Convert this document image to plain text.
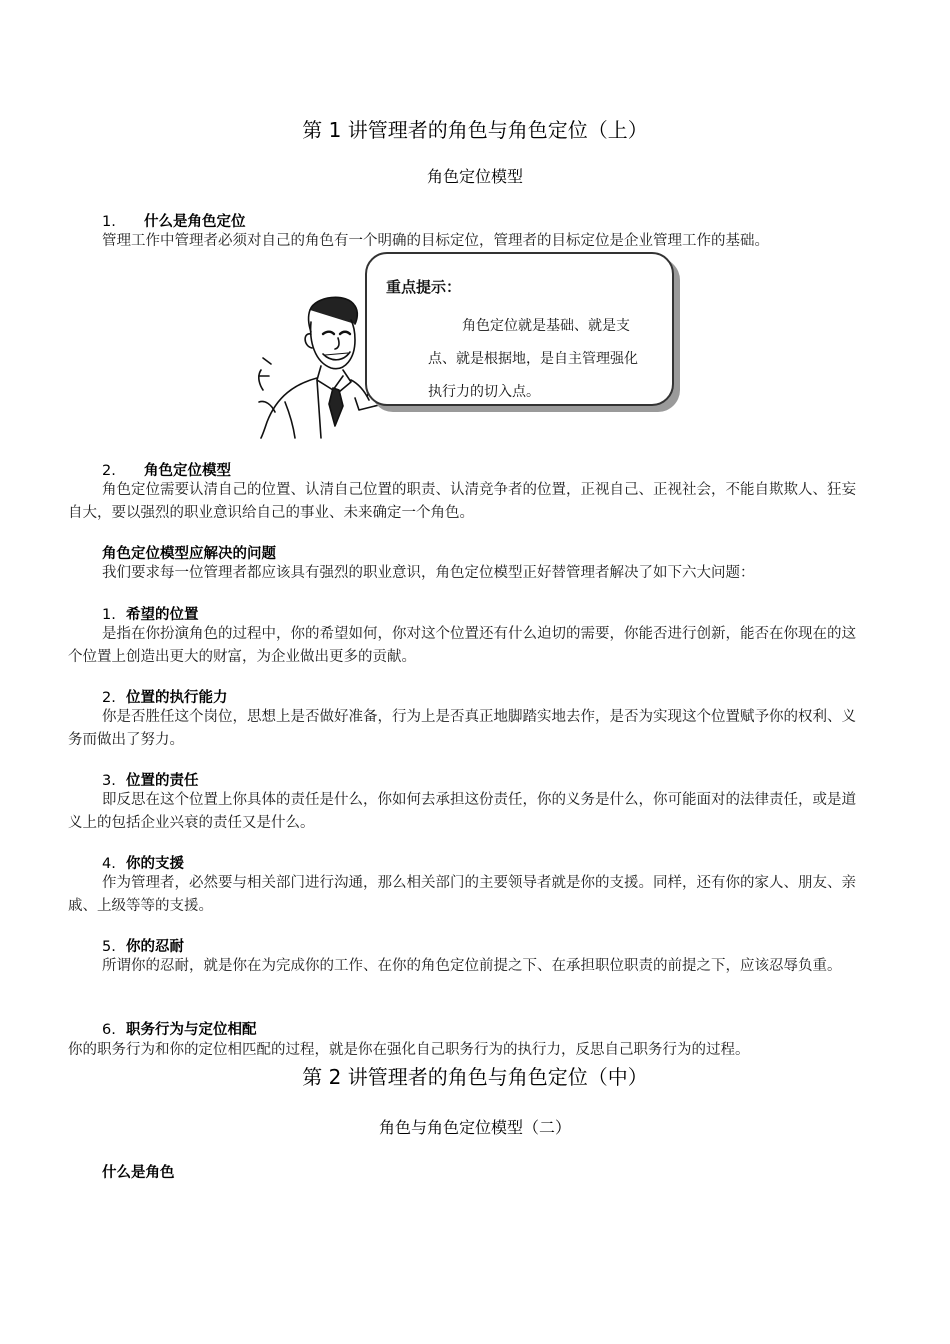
第 1 讲管理者的角色与角色定位（上）
角色定位模型
1. 什么是角色定位
管理工作中管理者必须对自己的角色有一个明确的目标定位，管理者的目标定位是企业管理工作的基础。
重点提示：
角色定位就是基础、就是支点、就是根据地，是自主管理强化执行力的切入点。
2. 角色定位模型
角色定位需要认清自己的位置、认清自己位置的职责、认清竞争者的位置，正视自己、正视社会，不能自欺欺人、狂妄自大，要以强烈的职业意识给自己的事业、未来确定一个角色。
角色定位模型应解决的问题
我们要求每一位管理者都应该具有强烈的职业意识，角色定位模型正好替管理者解决了如下六大问题：
1. 希望的位置
是指在你扮演角色的过程中，你的希望如何，你对这个位置还有什么迫切的需要，你能否进行创新，能否在你现在的这个位置上创造出更大的财富，为企业做出更多的贡献。
2. 位置的执行能力
你是否胜任这个岗位，思想上是否做好准备，行为上是否真正地脚踏实地去作，是否为实现这个位置赋予你的权利、义务而做出了努力。
3. 位置的责任
即反思在这个位置上你具体的责任是什么，你如何去承担这份责任，你的义务是什么，你可能面对的法律责任，或是道义上的包括企业兴衰的责任又是什么。
4. 你的支援
作为管理者，必然要与相关部门进行沟通，那么相关部门的主要领导者就是你的支援。同样，还有你的家人、朋友、亲戚、上级等等的支援。
5. 你的忍耐
所谓你的忍耐，就是你在为完成你的工作、在你的角色定位前提之下、在承担职位职责的前提之下，应该忍辱负重。
6. 职务行为与定位相配
你的职务行为和你的定位相匹配的过程，就是你在强化自己职务行为的执行力，反思自己职务行为的过程。
第 2 讲管理者的角色与角色定位（中）
角色与角色定位模型（二）
什么是角色
